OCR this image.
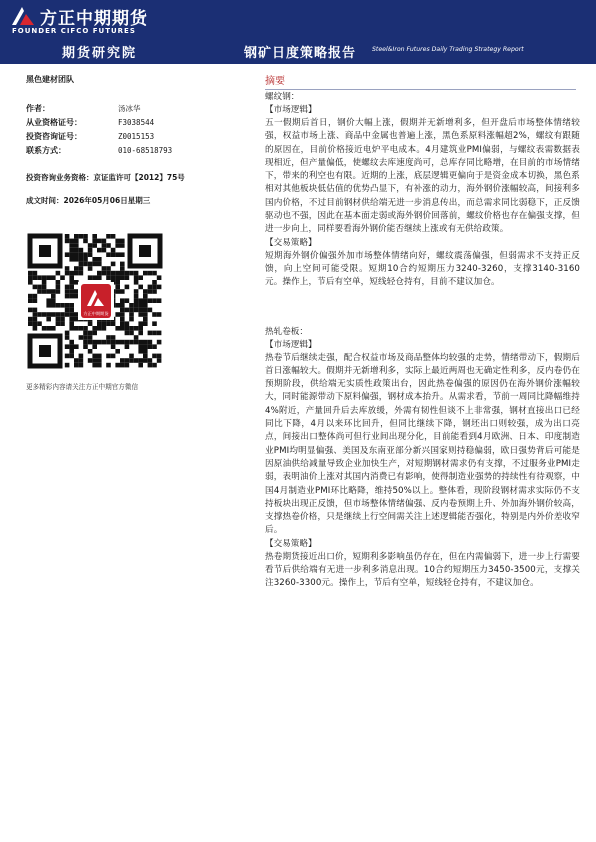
方正中期期货
FOUNDER CIFCO FUTURES
期货研究院	钢矿日度策略报告	Steel&Iron Futures Daily Trading Strategy Report
黑色建材团队
作者：	汤冰华
从业资格证号：	F3038544
投资咨询证号：	Z0015153
联系方式：	010-68518793
投资咨询业务资格：京证监许可【2012】75号
成文时间：2026年05月06日星期三
方正中期期货
更多精彩内容请关注方正中期官方微信
摘要
螺纹钢：
【市场逻辑】

五一假期后首日，钢价大幅上涨，假期并无新增利多，但开盘后市场整体情绪较强，权益市场上涨、商品中金属也普遍上涨，黑色系原料涨幅超2%，螺纹有跟随的原因在，目前价格接近电炉平电成本。4月建筑业PMI偏弱，与螺纹表需数据表现相近，但产量偏低，使螺纹去库速度尚可，总库存同比略增，在目前的市场情绪下，带来的利空也有限。近期的上涨，底层逻辑更偏向于是资金成本切换，黑色系相对其他板块低估值的优势凸显下，有补涨的动力，海外钢价涨幅较高，间接利多国内价格，不过目前钢材供给端无进一步消息传出，而总需求同比弱稳下，正反馈驱动也不强，因此在基本面走弱或海外钢价回落前，螺纹价格也存在偏强支撑，但进一步向上，同样要看海外钢价能否继续上涨或有无供给政策。

【交易策略】

短期海外钢价偏强外加市场整体情绪向好，螺纹震荡偏强，但弱需求不支持正反馈，向上空间可能受限。短期10合约短期压力3240-3260，支撑3140-3160元。操作上，节后有空单，短线轻仓持有，目前不建议加仓。

热轧卷板：
【市场逻辑】

热卷节后继续走强，配合权益市场及商品整体均较强的走势，情绪带动下，假期后首日涨幅较大。假期并无新增利多，实际上最近两周也无确定性利多，反内卷仍在预期阶段，供给端无实质性政策出台，因此热卷偏强的原因仍在海外钢价涨幅较大，同时能源带动下原料偏强，钢材成本抬升。从需求看，节前一周同比降幅维持4%附近，产量回升后去库放缓，外需有韧性但谈不上非常强，钢材直接出口已经同比下降，4月以来环比回升，但同比继续下降，钢坯出口则较强，成为出口亮点，间接出口整体尚可但行业间出现分化，目前能看到4月欧洲、日本、印度制造业PMI均明显偏强、美国及东南亚部分新兴国家则持稳偏弱，欧日强势背后可能是因原油供给减量导致企业加快生产，对短期钢材需求仍有支撑，不过服务业PMI走弱，表明油价上涨对其国内消费已有影响，使得制造业强势的持续性有待观察，中国4月制造业PMI环比略降，维持50%以上。整体看，现阶段钢材需求实际仍不支持板块出现正反馈，但市场整体情绪偏强、反内卷预期上升、外加海外钢价较高，支撑热卷价格，只是继续上行空间需关注上述逻辑能否强化，特别是内外价差收窄后。

【交易策略】

热卷期货接近出口价，短期利多影响虽仍存在，但在内需偏弱下，进一步上行需要看节后供给端有无进一步利多消息出现。10合约短期压力3450-3500元，支撑关注3260-3300元。操作上，节后有空单，短线轻仓持有，不建议加仓。
